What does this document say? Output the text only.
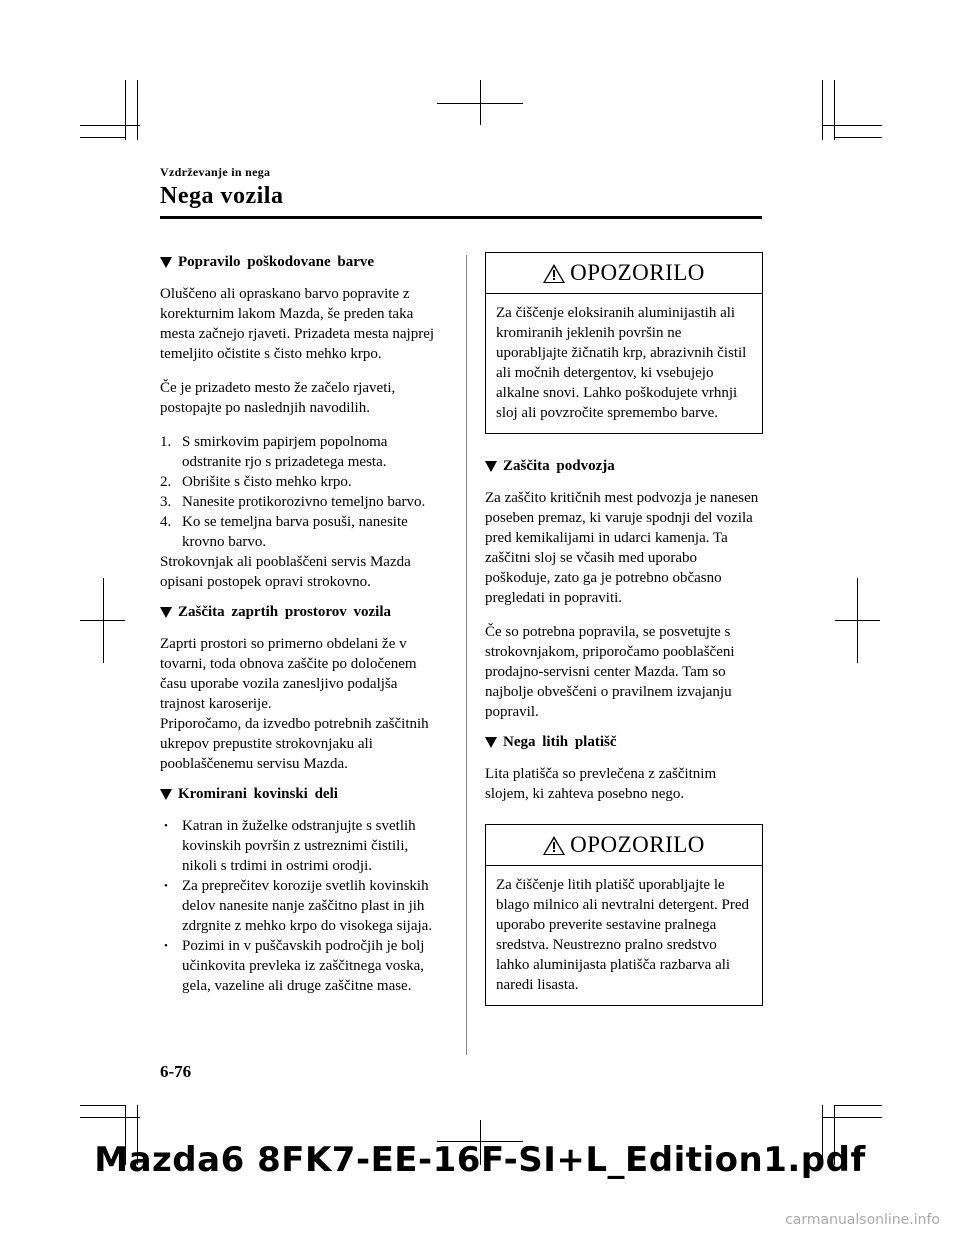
Vzdrževanje in nega
Nega vozila
Popravilo poškodovane barve

Oluščeno ali opraskano barvo popravite z korekturnim lakom Mazda, še preden taka mesta začnejo rjaveti. Prizadeta mesta najprej temeljito očistite s čisto mehko krpo.

Če je prizadeto mesto že začelo rjaveti, postopajte po naslednjih navodilih.

1. S smirkovim papirjem popolnoma odstranite rjo s prizadetega mesta.
2. Obrišite s čisto mehko krpo.
3. Nanesite protikorozivno temeljno barvo.
4. Ko se temeljna barva posuši, nanesite krovno barvo.

Strokovnjak ali pooblaščeni servis Mazda opisani postopek opravi strokovno.

Zaščita zaprtih prostorov vozila

Zaprti prostori so primerno obdelani že v tovarni, toda obnova zaščite po določenem času uporabe vozila zanesljivo podaljša trajnost karoserije.

Priporočamo, da izvedbo potrebnih zaščitnih ukrepov prepustite strokovnjaku ali pooblaščenemu servisu Mazda.

Kromirani kovinski deli
• Katran in žuželke odstranjujte s svetlih kovinskih površin z ustreznimi čistili, nikoli s trdimi in ostrimi orodji.
• Za preprečitev korozije svetlih kovinskih delov nanesite nanje zaščitno plast in jih zdrgnite z mehko krpo do visokega sijaja.
• Pozimi in v puščavskih področjih je bolj učinkovita prevleka iz zaščitnega voska, gela, vazeline ali druge zaščitne mase.
OPOZORILO
Za čiščenje eloksiranih aluminijastih ali kromiranih jeklenih površin ne uporabljajte žičnatih krp, abrazivnih čistil ali močnih detergentov, ki vsebujejo alkalne snovi. Lahko poškodujete vrhnji sloj ali povzročite spremembo barve.
Zaščita podvozja

Za zaščito kritičnih mest podvozja je nanesen poseben premaz, ki varuje spodnji del vozila pred kemikalijami in udarci kamenja. Ta zaščitni sloj se včasih med uporabo poškoduje, zato ga je potrebno občasno pregledati in popraviti.

Če so potrebna popravila, se posvetujte s strokovnjakom, priporočamo pooblaščeni prodajno-servisni center Mazda. Tam so najbolje obveščeni o pravilnem izvajanju popravil.

Nega litih platišč

Lita platišča so prevlečena z zaščitnim slojem, ki zahteva posebno nego.

OPOZORILO
Za čiščenje litih platišč uporabljajte le blago milnico ali nevtralni detergent. Pred uporabo preverite sestavine pralnega sredstva. Neustrezno pralno sredstvo lahko aluminijasta platišča razbarva ali naredi lisasta.
6-76
Mazda6 8FK7-EE-16F-SI+L_Edition1.pdf
carmanualsonline.info
